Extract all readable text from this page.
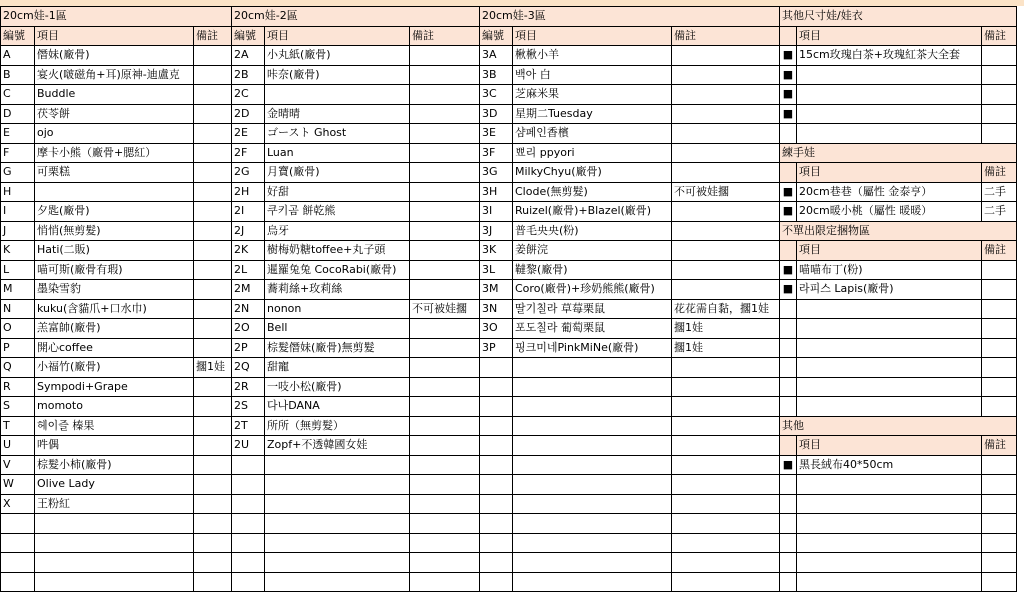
20cm娃-1區			20cm娃-2區			20cm娃-3區			其他尺寸娃/娃衣		
編號	項目	備註	編號	項目	備註	編號	項目	備註		項目	備註
A	僭妹(廠骨)		2A	小丸紙(廠骨)		3A	楸楸小羊		■	15cm玫瑰白茶+玫瑰紅茶大全套	
B	宴火(啵磁角+耳)原神-迪盧克		2B	咔奈(廠骨)		3B	백아 白		■		
C	Buddle		2C			3C	芝麻米果		■		
D	茯苓餅		2D	金晴晴		3D	星期二Tuesday		■		
E	ojo		2E	ゴースト Ghost		3E	샴페인香檳				
F	摩卡小熊（廠骨+腮紅）		2F	Luan		3F	뾰리 ppyori		練手娃		
G	可栗糕		2G	月寶(廠骨)		3G	MilkyChyu(廠骨)			項目	備註
H			2H	好甜		3H	Clode(無剪髮)	不可被娃擱	■	20cm巷巷（屬性 金泰亨）	二手
I	夕匙(廠骨)		2I	쿠키곰 餅乾熊		3I	Ruizel(廠骨)+Blazel(廠骨)		■	20cm暖小桃（屬性 暖暖）	二手
J	悄悄(無剪髮)		2J	烏牙		3J	普毛央央(粉)		不單出限定捆物區		
K	Hati(二販)		2K	樹梅奶糖toffee+丸子頭		3K	姜餅浣			項目	備註
L	喵可斯(廠骨有瑕)		2L	暹羅兔兔 CocoRabi(廠骨)		3L	韃黎(廠骨)		■	喵喵布丁(粉)	
M	墨染雪豹		2M	蕎莉絲+玫莉絲		3M	Coro(廠骨)+珍奶熊熊(廠骨)		■	라피스 Lapis(廠骨)	
N	kuku(含貓爪+口水巾)		2N	nonon	不可被娃擱	3N	딸기칠라 草莓栗鼠	花花需自黏，擱1娃			
O	羔富帥(廠骨)		2O	Bell		3O	포도칠라 葡萄栗鼠	擱1娃			
P	開心coffee		2P	棕髮僭妹(廠骨)無剪髮		3P	핑크미네PinkMiNe(廠骨)	擱1娃			
Q	小福竹(廠骨)	擱1娃	2Q	甜寵							
R	Sympodi+Grape		2R	一吱小松(廠骨)							
S	momoto		2S	다나DANA							
T	헤이즐 榛果		2T	所所（無剪髮）					其他		
U	吽偶		2U	Zopf+不透韓國女娃						項目	備註
V	棕髮小柿(廠骨)								■	黑長絨布40*50cm	
W	Olive Lady										
X	王粉紅										
